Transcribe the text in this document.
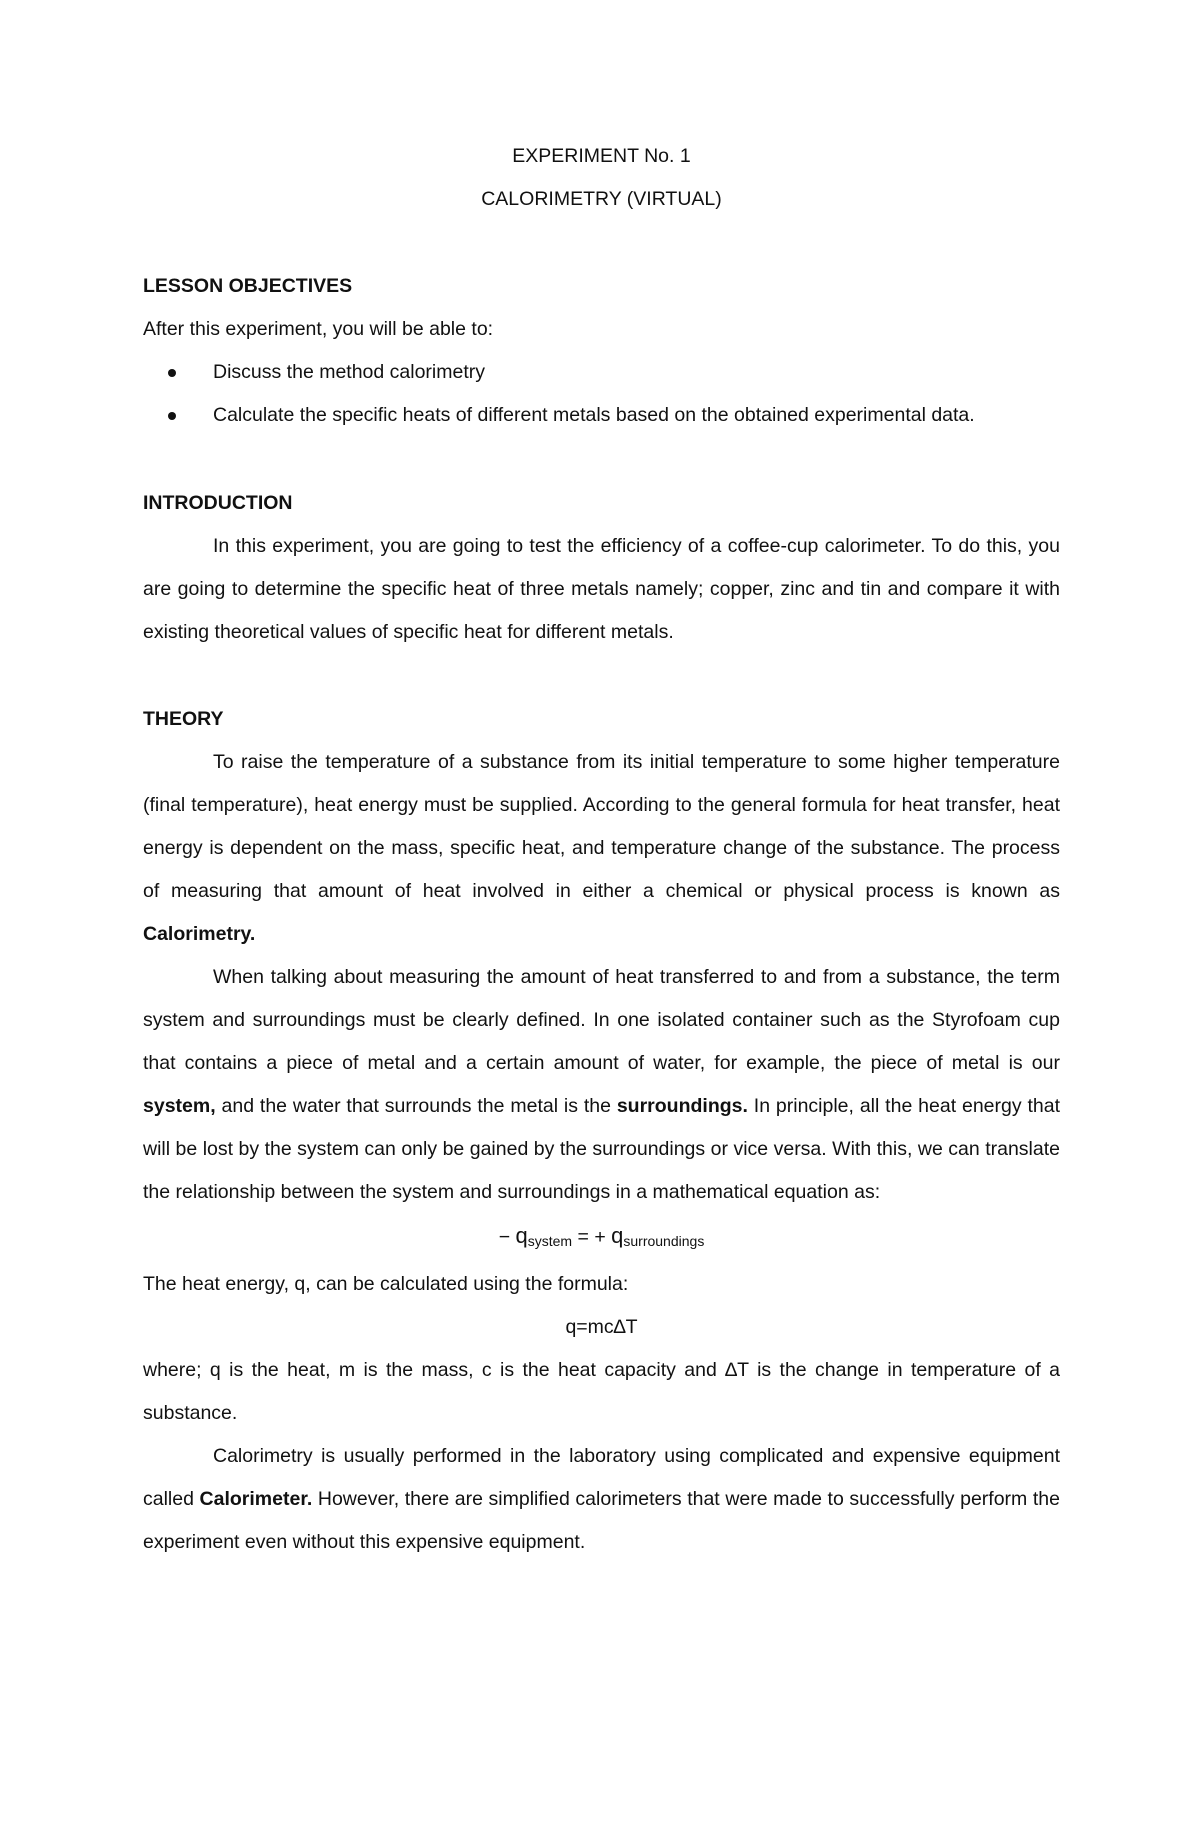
EXPERIMENT No. 1

CALORIMETRY (VIRTUAL)

LESSON OBJECTIVES

After this experiment, you will be able to:

Discuss the method calorimetry
Calculate the specific heats of different metals based on the obtained experimental data.

INTRODUCTION

In this experiment, you are going to test the efficiency of a coffee-cup calorimeter. To do this, you are going to determine the specific heat of three metals namely; copper, zinc and tin and compare it with existing theoretical values of specific heat for different metals.

THEORY

To raise the temperature of a substance from its initial temperature to some higher temperature (final temperature), heat energy must be supplied. According to the general formula for heat transfer, heat energy is dependent on the mass, specific heat, and temperature change of the substance. The process of measuring that amount of heat involved in either a chemical or physical process is known as Calorimetry.

When talking about measuring the amount of heat transferred to and from a substance, the term system and surroundings must be clearly defined. In one isolated container such as the Styrofoam cup that contains a piece of metal and a certain amount of water, for example, the piece of metal is our system, and the water that surrounds the metal is the surroundings. In principle, all the heat energy that will be lost by the system can only be gained by the surroundings or vice versa. With this, we can translate the relationship between the system and surroundings in a mathematical equation as:

− $q_{system}$ = + $q_{surroundings}$

The heat energy, q, can be calculated using the formula:

q=mc∆T

where; q is the heat, m is the mass, c is the heat capacity and ∆T is the change in temperature of a substance.

Calorimetry is usually performed in the laboratory using complicated and expensive equipment called Calorimeter. However, there are simplified calorimeters that were made to successfully perform the experiment even without this expensive equipment.
